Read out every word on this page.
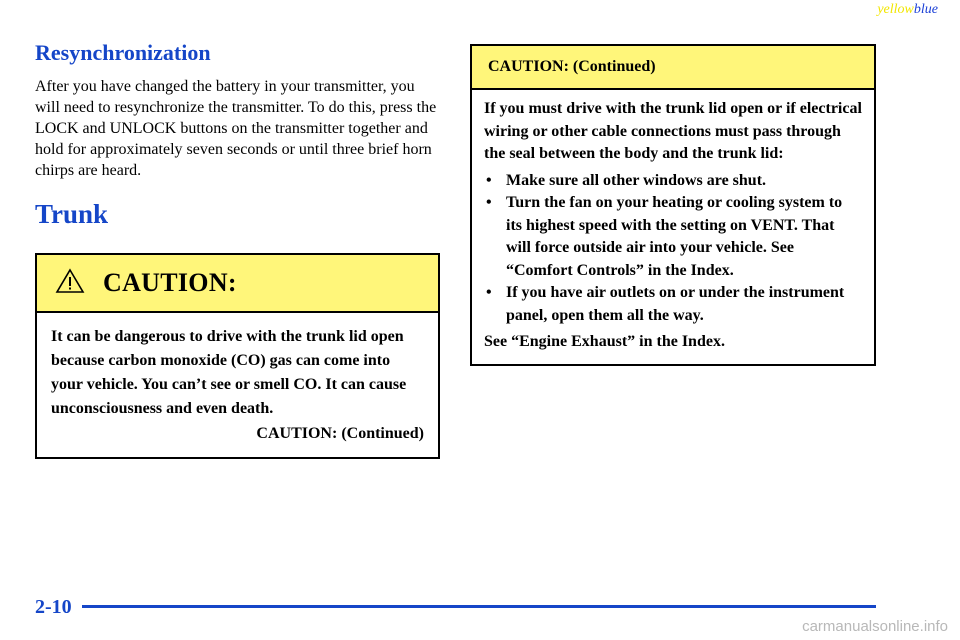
yellowblue
Resynchronization

After you have changed the battery in your transmitter, you will need to resynchronize the transmitter. To do this, press the LOCK and UNLOCK buttons on the transmitter together and hold for approximately seven seconds or until three brief horn chirps are heard.

Trunk
CAUTION:

It can be dangerous to drive with the trunk lid open because carbon monoxide (CO) gas can come into your vehicle. You can’t see or smell CO. It can cause unconsciousness and even death.

CAUTION: (Continued)
CAUTION: (Continued)

If you must drive with the trunk lid open or if electrical wiring or other cable connections must pass through the seal between the body and the trunk lid:

• Make sure all other windows are shut.
• Turn the fan on your heating or cooling system to its highest speed with the setting on VENT. That will force outside air into your vehicle. See “Comfort Controls” in the Index.
• If you have air outlets on or under the instrument panel, open them all the way.

See “Engine Exhaust” in the Index.

2-10
carmanualsonline.info
